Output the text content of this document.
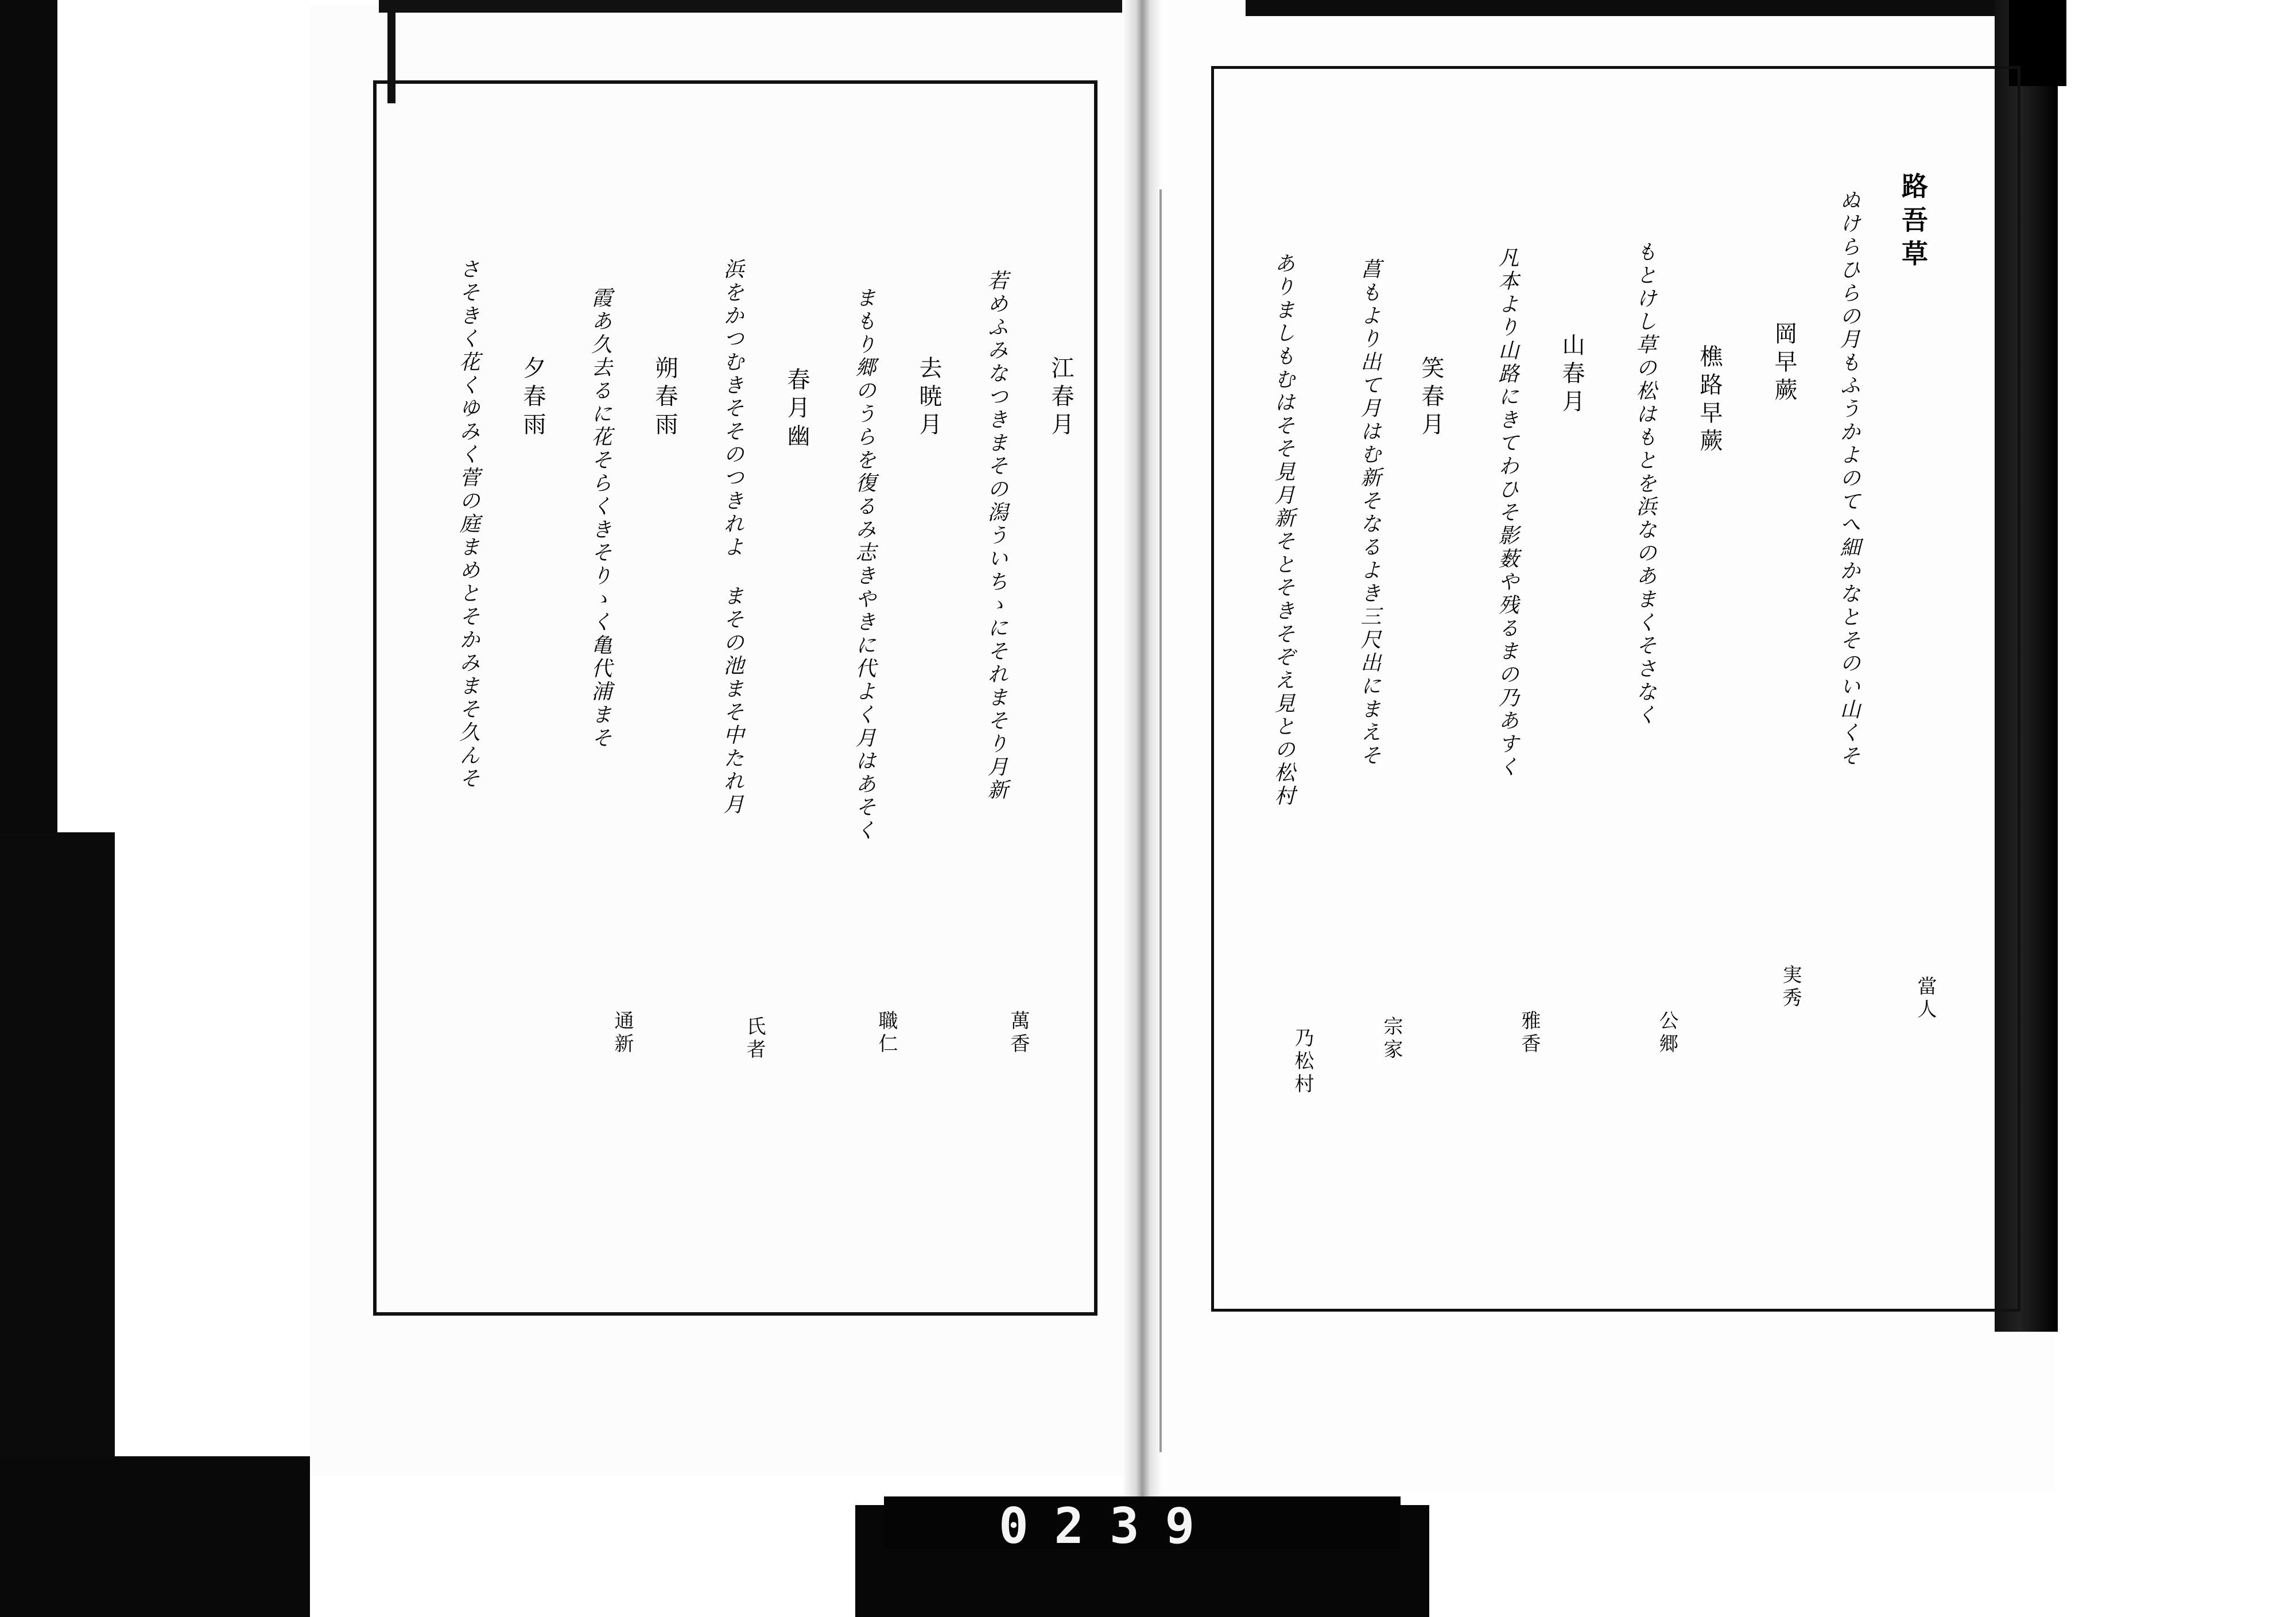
路吾草
當人
ぬけらひらの月もふうかよのてへ細かなとそのい山くそ
岡早蕨
実秀
樵路早蕨
もとけし草の松はもとを浜なのあまくそさなく
公郷
山春月
凡本より山路にきてわひそ影薮や残るまの乃あすく
雅香
笑春月
菖もより出て月はむ新そなるよき三尺出にまえそ
宗家
ありましもむはそそ見月新そとそきそぞえ見との松村
乃松村
江春月
若めふみなつきまその潟ういちゝにそれまそり月新
萬香
去暁月
まもり郷のうらを復るみ志きやきに代よく月はあそく
職仁
春月幽
浜をかつむきそそのつきれよ まその池まそ中たれ月
氏者
朔春雨
霞あ久去るに花そらくきそりゝく亀代浦まそ
通新
夕春雨
さそきく花くゆみく菅の庭まめとそかみまそ久んそ
0239
